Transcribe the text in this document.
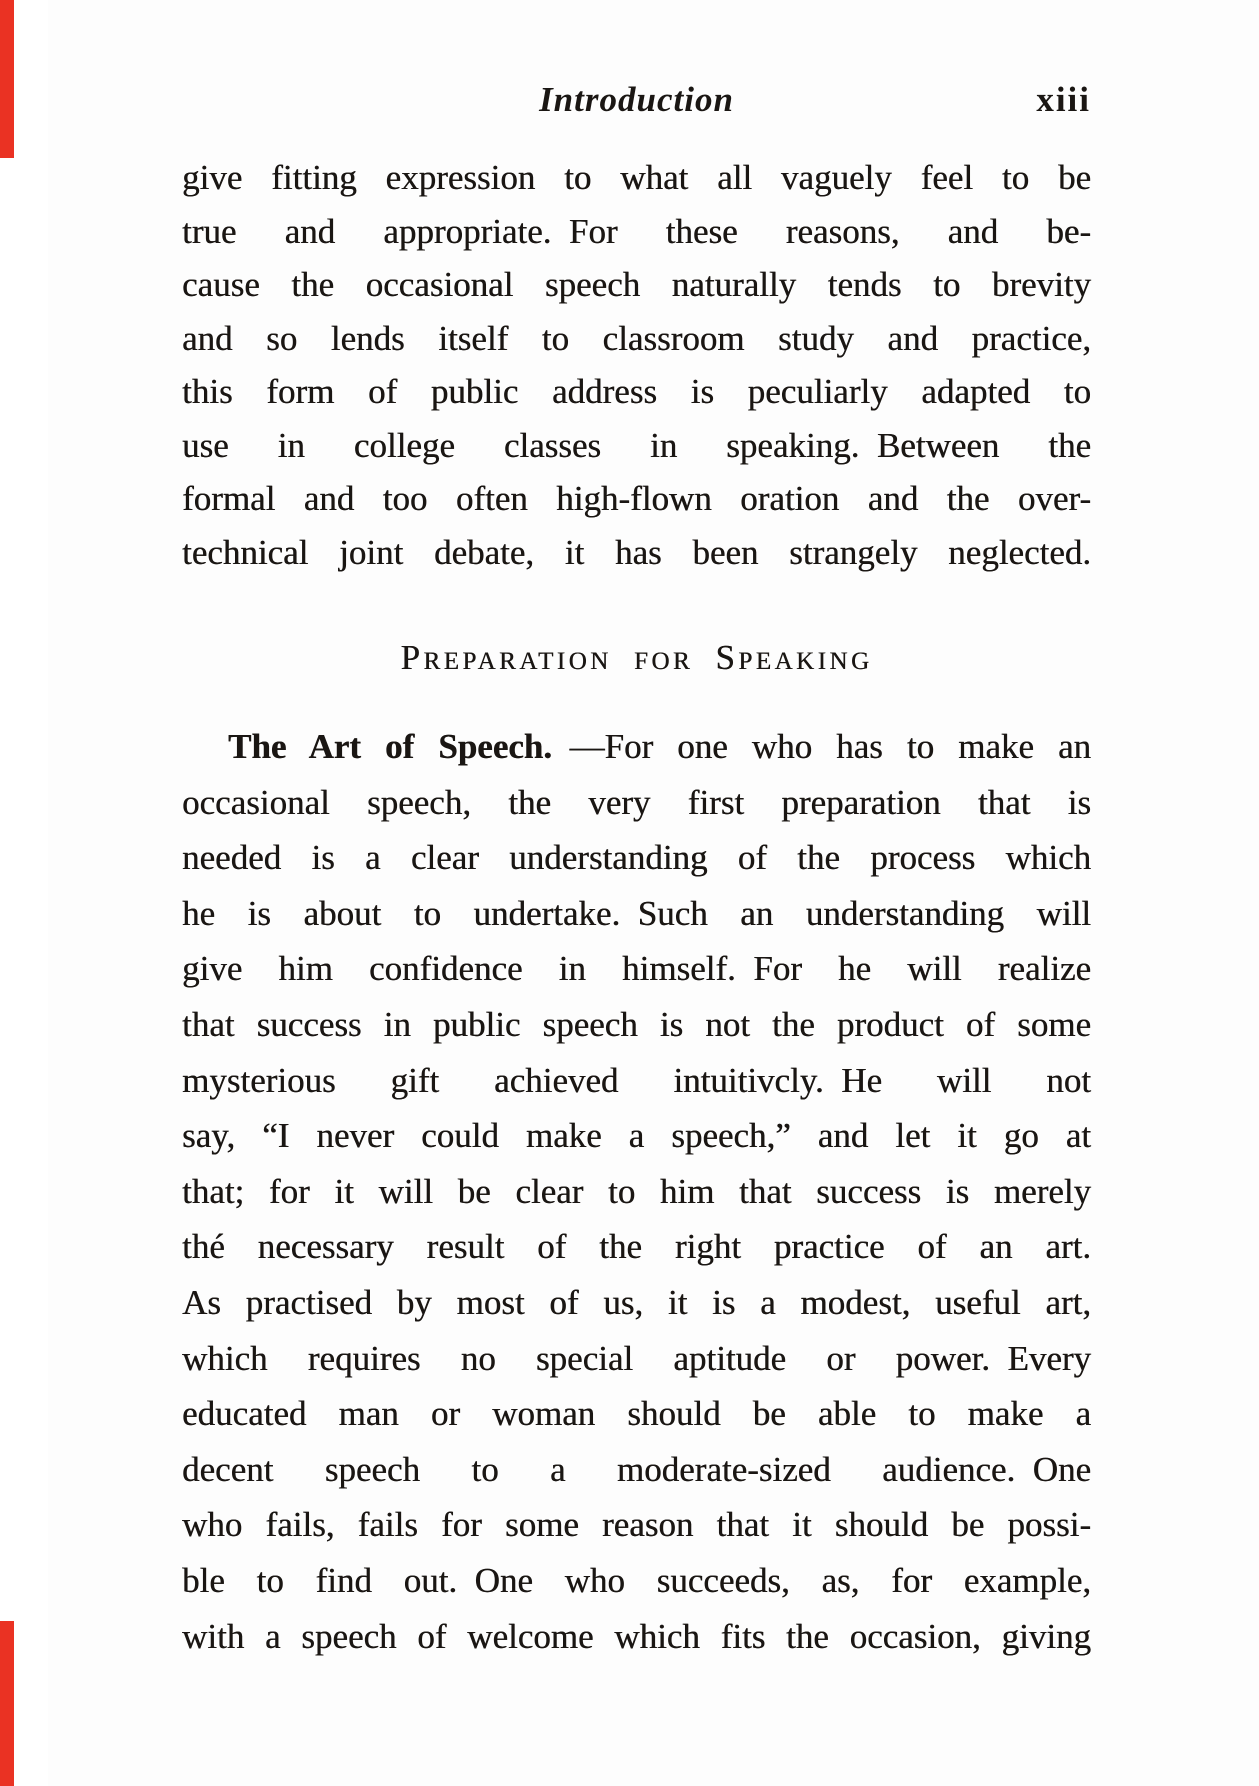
Introduction	xiii
give fitting expression to what all vaguely feel to be
true and appropriate. For these reasons, and be-
cause the occasional speech naturally tends to brevity
and so lends itself to classroom study and practice,
this form of public address is peculiarly adapted to
use in college classes in speaking. Between the
formal and too often high-flown oration and the over-
technical joint debate, it has been strangely neglected.
Preparation for Speaking
The Art of Speech. —For one who has to make an
occasional speech, the very first preparation that is
needed is a clear understanding of the process which
he is about to undertake. Such an understanding will
give him confidence in himself. For he will realize
that success in public speech is not the product of some
mysterious gift achieved intuitivcly. He will not
say, “I never could make a speech,” and let it go at
that; for it will be clear to him that success is merely
thé necessary result of the right practice of an art.
As practised by most of us, it is a modest, useful art,
which requires no special aptitude or power. Every
educated man or woman should be able to make a
decent speech to a moderate-sized audience. One
who fails, fails for some reason that it should be possi-
ble to find out. One who succeeds, as, for example,
with a speech of welcome which fits the occasion, giving
